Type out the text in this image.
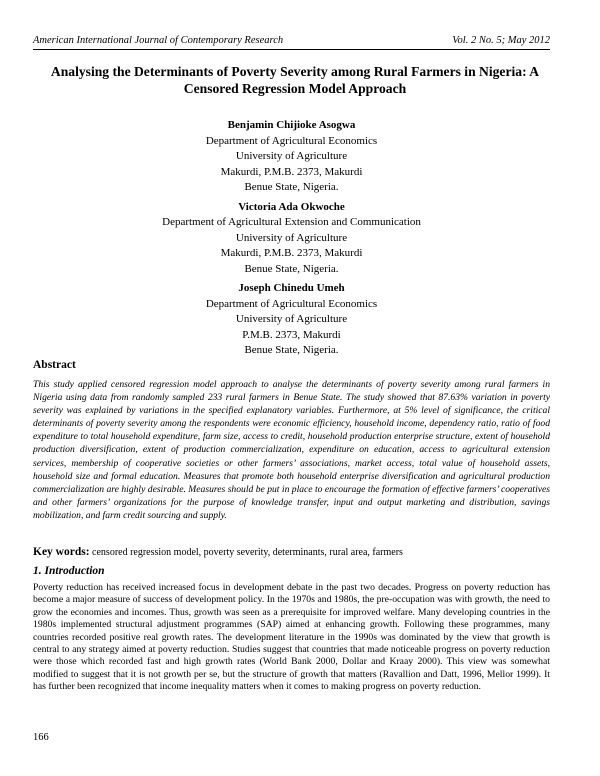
American International Journal of Contemporary Research	Vol. 2 No. 5; May 2012
Analysing the Determinants of Poverty Severity among Rural Farmers in Nigeria: A Censored Regression Model Approach
Benjamin Chijioke Asogwa
Department of Agricultural Economics
University of Agriculture
Makurdi, P.M.B. 2373, Makurdi
Benue State, Nigeria.
Victoria Ada Okwoche
Department of Agricultural Extension and Communication
University of Agriculture
Makurdi, P.M.B. 2373, Makurdi
Benue State, Nigeria.
Joseph Chinedu Umeh
Department of Agricultural Economics
University of Agriculture
P.M.B. 2373, Makurdi
Benue State, Nigeria.
Abstract
This study applied censored regression model approach to analyse the determinants of poverty severity among rural farmers in Nigeria using data from randomly sampled 233 rural farmers in Benue State. The study showed that 87.63% variation in poverty severity was explained by variations in the specified explanatory variables. Furthermore, at 5% level of significance, the critical determinants of poverty severity among the respondents were economic efficiency, household income, dependency ratio, ratio of food expenditure to total household expenditure, farm size, access to credit, household production enterprise structure, extent of household production diversification, extent of production commercialization, expenditure on education, access to agricultural extension services, membership of cooperative societies or other farmers’ associations, market access, total value of household assets, household size and formal education. Measures that promote both household enterprise diversification and agricultural production commercialization are highly desirable. Measures should be put in place to encourage the formation of effective farmers’ cooperatives and other farmers’ organizations for the purpose of knowledge transfer, input and output marketing and distribution, savings mobilization, and farm credit sourcing and supply.
Key words: censored regression model, poverty severity, determinants, rural area, farmers
1. Introduction
Poverty reduction has received increased focus in development debate in the past two decades. Progress on poverty reduction has become a major measure of success of development policy. In the 1970s and 1980s, the pre-occupation was with growth, the need to grow the economies and incomes. Thus, growth was seen as a prerequisite for improved welfare. Many developing countries in the 1980s implemented structural adjustment programmes (SAP) aimed at enhancing growth. Following these programmes, many countries recorded positive real growth rates. The development literature in the 1990s was dominated by the view that growth is central to any strategy aimed at poverty reduction. Studies suggest that countries that made noticeable progress on poverty reduction were those which recorded fast and high growth rates (World Bank 2000, Dollar and Kraay 2000). This view was somewhat modified to suggest that it is not growth per se, but the structure of growth that matters (Ravallion and Datt, 1996, Mellor 1999). It has further been recognized that income inequality matters when it comes to making progress on poverty reduction.
166
